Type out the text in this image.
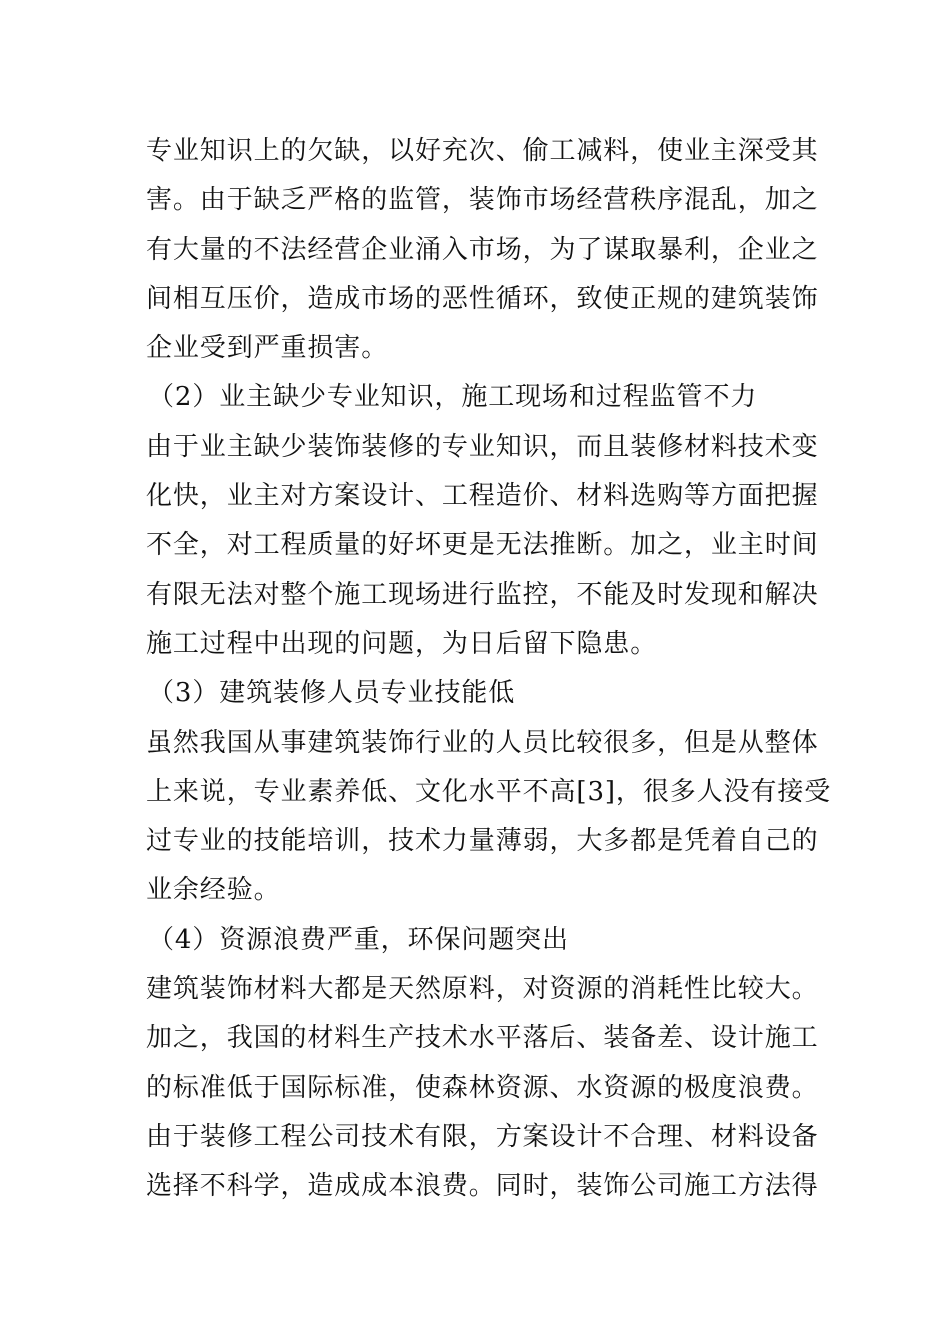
专业知识上的欠缺，以好充次、偷工减料，使业主深受其
害。由于缺乏严格的监管，装饰市场经营秩序混乱，加之
有大量的不法经营企业涌入市场，为了谋取暴利，企业之
间相互压价，造成市场的恶性循环，致使正规的建筑装饰
企业受到严重损害。
（2）业主缺少专业知识，施工现场和过程监管不力
由于业主缺少装饰装修的专业知识，而且装修材料技术变
化快，业主对方案设计、工程造价、材料选购等方面把握
不全，对工程质量的好坏更是无法推断。加之，业主时间
有限无法对整个施工现场进行监控，不能及时发现和解决
施工过程中出现的问题，为日后留下隐患。
（3）建筑装修人员专业技能低
虽然我国从事建筑装饰行业的人员比较很多，但是从整体
上来说，专业素养低、文化水平不高[3]，很多人没有接受
过专业的技能培训，技术力量薄弱，大多都是凭着自己的
业余经验。
（4）资源浪费严重，环保问题突出
建筑装饰材料大都是天然原料，对资源的消耗性比较大。
加之，我国的材料生产技术水平落后、装备差、设计施工
的标准低于国际标准，使森林资源、水资源的极度浪费。
由于装修工程公司技术有限，方案设计不合理、材料设备
选择不科学，造成成本浪费。同时，装饰公司施工方法得
